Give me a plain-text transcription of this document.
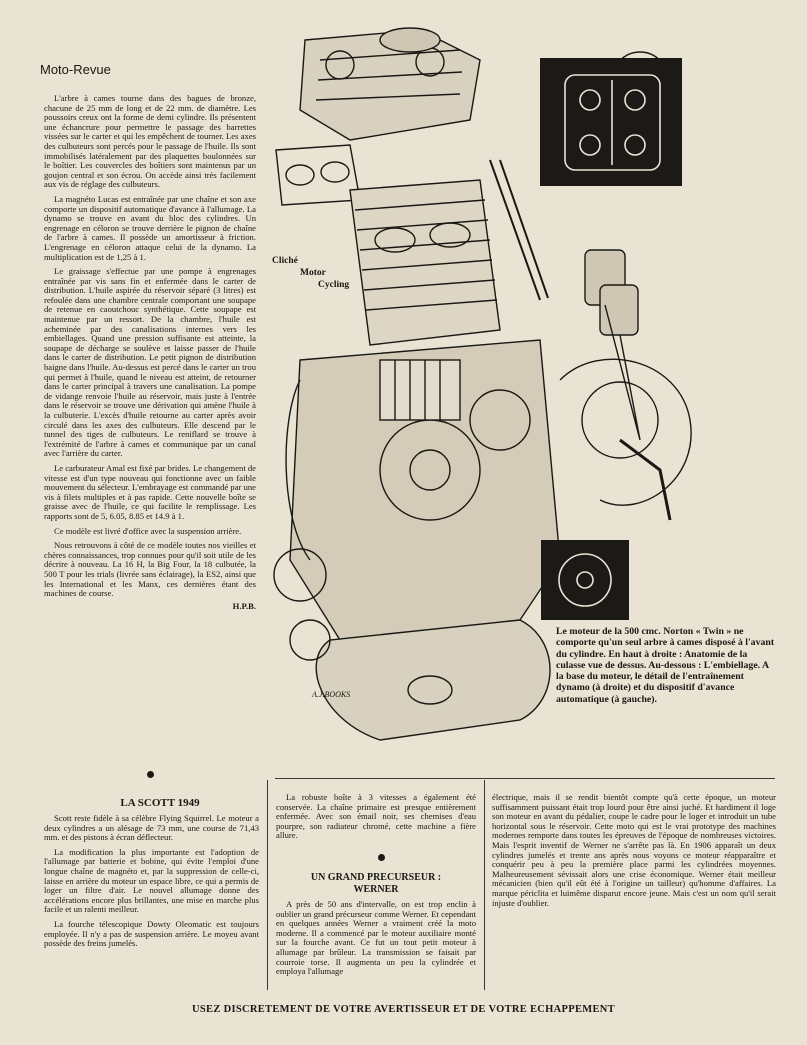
Moto-Revue
Cliché
Motor
Cycling
A.J.BOOKS
Le moteur de la 500 cmc. Norton « Twin » ne comporte qu'un seul arbre à cames disposé à l'avant du cylindre. En haut à droite : Anatomie de la culasse vue de dessus. Au-dessous : L'embiellage. A la base du moteur, le détail de l'entraînement dynamo (à droite) et du dispositif d'avance automatique (à gauche).

L'arbre à cames tourne dans des bagues de bronze, chacune de 25 mm de long et de 22 mm. de diamètre. Les poussoirs creux ont la forme de demi cylindre. Ils présentent une échancrure pour permettre le passage des barrettes vissées sur le carter et qui les empêchent de tourner. Les axes des culbuteurs sont percés pour le passage de l'huile. Ils sont immobilisés latéralement par des plaquettes boulonnées sur le boîtier. Les couvercles des boîtiers sont maintenus par un goujon central et son écrou. On accède ainsi très facilement aux vis de réglage des culbuteurs.

La magnéto Lucas est entraînée par une chaîne et son axe comporte un dispositif automatique d'avance à l'allumage. La dynamo se trouve en avant du bloc des cylindres. Un engrenage en céloron se trouve derrière le pignon de chaîne de l'arbre à cames. Il possède un amortisseur à friction. L'engrenage en céloron attaque celui de la dynamo. La multiplication est de 1,25 à 1.

Le graissage s'effectue par une pompe à engrenages entraînée par vis sans fin et enfermée dans le carter de distribution. L'huile aspirée du réservoir séparé (3 litres) est refoulée dans une chambre centrale comportant une soupape de retenue en caoutchouc synthétique. Cette soupape est maintenue par un ressort. De la chambre, l'huile est acheminée par des canalisations internes vers les embiellages. Quand une pression suffisante est atteinte, la soupape de décharge se soulève et laisse passer de l'huile dans le carter de distribution. Le petit pignon de distribution baigne dans l'huile. Au-dessus est percé dans le carter un trou qui permet à l'huile, quand le niveau est atteint, de retourner dans le carter principal à travers une canalisation. La pompe de vidange renvoie l'huile au réservoir, mais juste à l'entrée dans le réservoir se trouve une dérivation qui amène l'huile à la culbuterie. L'excès d'huile retourne au carter après avoir circulé dans les axes des culbuteurs. Elle descend par le tunnel des tiges de culbuteurs. Le reniflard se trouve à l'extrémité de l'arbre à cames et communique par un canal avec l'arrière du carter.

Le carburateur Amal est fixé par brides. Le changement de vitesse est d'un type nouveau qui fonctionne avec un faible mouvement du sélecteur. L'embrayage est commandé par une vis à filets multiples et à pas rapide. Cette nouvelle boîte se graisse avec de l'huile, ce qui facilite le remplissage. Les rapports sont de 5, 6.05, 8.85 et 14.9 à 1.

Ce modèle est livré d'office avec la suspension arrière.

Nous retrouvons à côté de ce modèle toutes nos vieilles et chères connaissances, trop connues pour qu'il soit utile de les décrire à nouveau. La 16 H, la Big Four, la 18 culbutée, la 500 T pour les trials (livrée sans éclairage), la ES2, ainsi que les International et les Manx, ces dernières étant des machines de course.

H.P.B.
LA SCOTT 1949

Scott reste fidèle à sa célèbre Flying Squirrel. Le moteur a deux cylindres a un alésage de 73 mm, une course de 71,43 mm. et des pistons à écran déflecteur.

La modification la plus importante est l'adoption de l'allumage par batterie et bobine, qui évite l'emploi d'une longue chaîne de magnéto et, par la suppression de celle-ci, laisse en arrière du moteur un espace libre, ce qui a permis de loger un filtre d'air. Le nouvel allumage donne des accélérations encore plus brillantes, une mise en marche plus facile et un ralenti meilleur.

La fourche télescopique Dowty Oleomatic est toujours employée. Il n'y a pas de suspension arrière. Le moyeu avant possède des freins jumelés.

La robuste boîte à 3 vitesses a également été conservée. La chaîne primaire est presque entièrement enfermée. Avec son émail noir, ses chemises d'eau pourpre, son radiateur chromé, cette machine a fière allure.

UN GRAND PRECURSEUR :
WERNER

A près de 50 ans d'intervalle, on est trop enclin à oublier un grand précurseur comme Werner. Et cependant en quelques années Werner a vraiment créé la moto moderne. Il a commencé par le moteur auxiliaire monté sur la fourche avant. Ce fut un tout petit moteur à allumage par brûleur. La transmission se faisait par courroie torse. Il augmenta un peu la cylindrée et employa l'allumage

électrique, mais il se rendit bientôt compte qu'à cette époque, un moteur suffisamment puissant était trop lourd pour être ainsi juché. Et hardiment il loge son moteur en avant du pédalier, coupe le cadre pour le loger et introduit un tube horizontal sous le réservoir. Cette moto qui est le vrai prototype des machines modernes remporte dans toutes les épreuves de l'époque de nombreuses victoires. Mais l'esprit inventif de Werner ne s'arrête pas là. En 1906 apparaît un deux cylindres jumelés et trente ans après nous voyons ce moteur réapparaître et conquérir peu à peu la première place parmi les cylindrées moyennes. Malheureusement sévissait alors une crise économique. Werner était meilleur mécanicien (bien qu'il eût été à l'origine un tailleur) qu'homme d'affaires. La marque périclita et luimême disparut encore jeune. Mais c'est un nom qu'il serait injuste d'oublier.

USEZ DISCRETEMENT DE VOTRE AVERTISSEUR ET DE VOTRE ECHAPPEMENT
